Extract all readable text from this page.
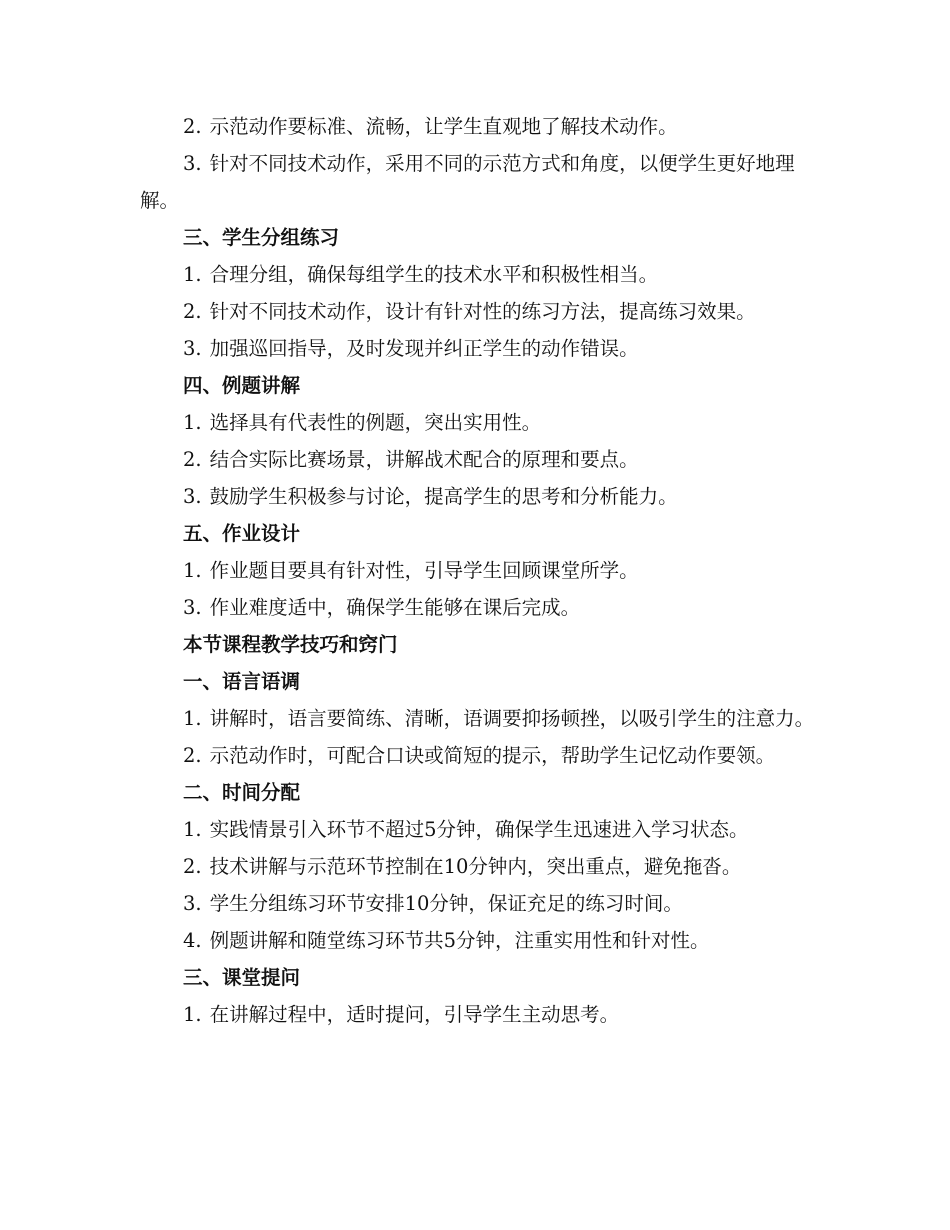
2. 示范动作要标准、流畅，让学生直观地了解技术动作。

3. 针对不同技术动作，采用不同的示范方式和角度，以便学生更好地理解。

三、学生分组练习

1. 合理分组，确保每组学生的技术水平和积极性相当。

2. 针对不同技术动作，设计有针对性的练习方法，提高练习效果。

3. 加强巡回指导，及时发现并纠正学生的动作错误。

四、例题讲解

1. 选择具有代表性的例题，突出实用性。

2. 结合实际比赛场景，讲解战术配合的原理和要点。

3. 鼓励学生积极参与讨论，提高学生的思考和分析能力。

五、作业设计

1. 作业题目要具有针对性，引导学生回顾课堂所学。

3. 作业难度适中，确保学生能够在课后完成。

本节课程教学技巧和窍门

一、语言语调

1. 讲解时，语言要简练、清晰，语调要抑扬顿挫，以吸引学生的注意力。

2. 示范动作时，可配合口诀或简短的提示，帮助学生记忆动作要领。

二、时间分配

1. 实践情景引入环节不超过5分钟，确保学生迅速进入学习状态。

2. 技术讲解与示范环节控制在10分钟内，突出重点，避免拖沓。

3. 学生分组练习环节安排10分钟，保证充足的练习时间。

4. 例题讲解和随堂练习环节共5分钟，注重实用性和针对性。

三、课堂提问

1. 在讲解过程中，适时提问，引导学生主动思考。
